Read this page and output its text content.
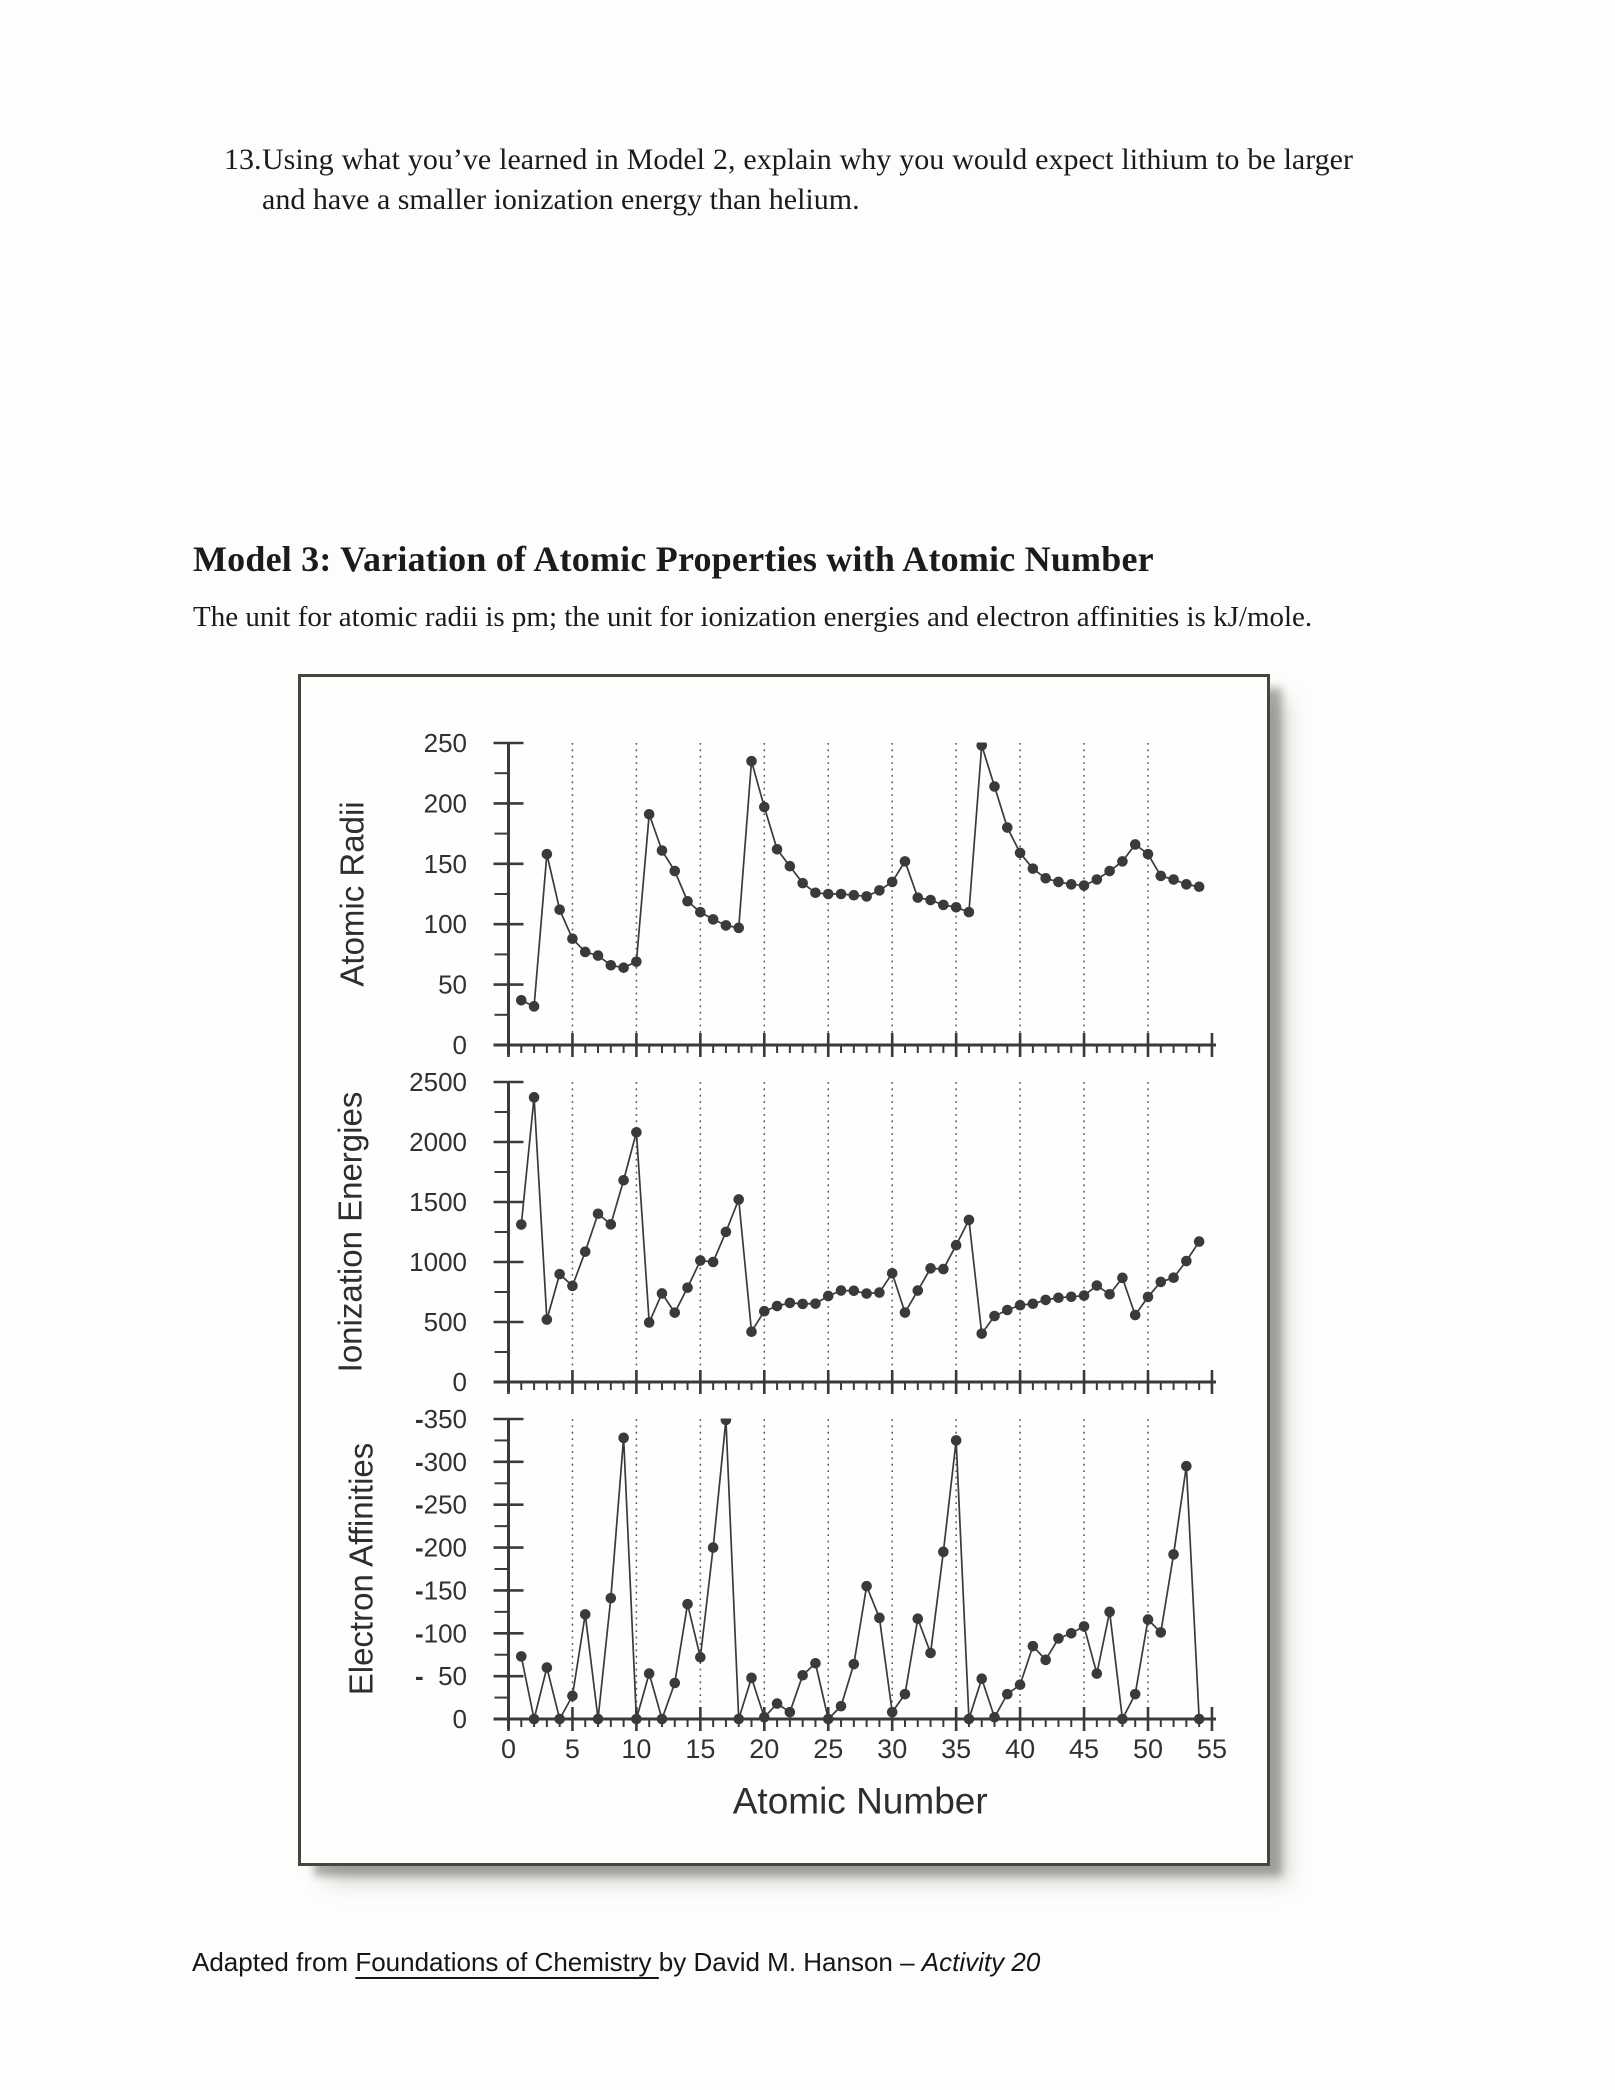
13. Using what you’ve learned in Model 2, explain why you would expect lithium to be larger and have a smaller ionization energy than helium.
Model 3: Variation of Atomic Properties with Atomic Number

The unit for atomic radii is pm; the unit for ionization energies and electron affinities is kJ/mole.

250
200
150
100
50
0
Atomic Radii
2500
2000
1500
1000
500
0
Ionization Energies
- 350
- 300
- 250
- 200
- 150
- 100
- 50
0
Electron Affinities
0 5 10 15 20 25 30 35 40 45 50 55
Atomic Number
Adapted from Foundations of Chemistry by David M. Hanson – Activity 20
